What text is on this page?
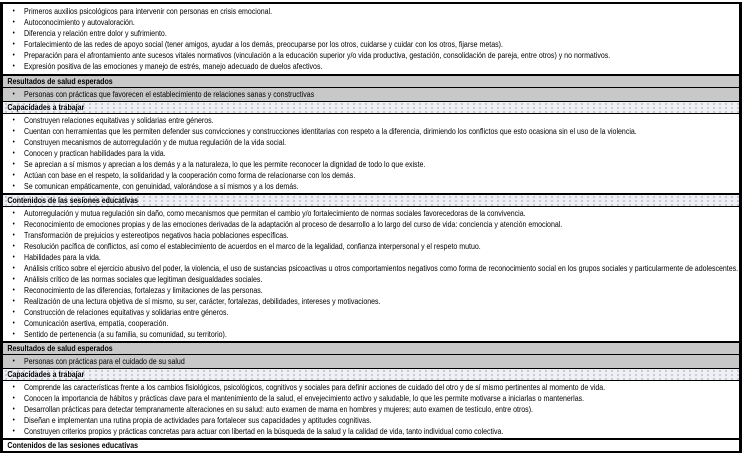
• Primeros auxilios psicológicos para intervenir con personas en crisis emocional.
• Autoconocimiento y autovaloración.
• Diferencia y relación entre dolor y sufrimiento.
• Fortalecimiento de las redes de apoyo social (tener amigos, ayudar a los demás, preocuparse por los otros, cuidarse y cuidar con los otros, fijarse metas).
• Preparación para el afrontamiento ante sucesos vitales normativos (vinculación a la educación superior y/o vida productiva, gestación, consolidación de pareja, entre otros) y no normativos.
• Expresión positiva de las emociones y manejo de estrés, manejo adecuado de duelos afectivos.
Resultados de salud esperados
• Personas con prácticas que favorecen el establecimiento de relaciones sanas y constructivas
Capacidades a trabajar
• Construyen relaciones equitativas y solidarias entre géneros.
• Cuentan con herramientas que les permiten defender sus convicciones y construcciones identitarias con respeto a la diferencia, dirimiendo los conflictos que esto ocasiona sin el uso de la violencia.
• Construyen mecanismos de autorregulación y de mutua regulación de la vida social.
• Conocen y practican habilidades para la vida.
• Se aprecian a sí mismos y aprecian a los demás y a la naturaleza, lo que les permite reconocer la dignidad de todo lo que existe.
• Actúan con base en el respeto, la solidaridad y la cooperación como forma de relacionarse con los demás.
• Se comunican empáticamente, con genuinidad, valorándose a sí mismos y a los demás.
Contenidos de las sesiones educativas
• Autorregulación y mutua regulación sin daño, como mecanismos que permitan el cambio y/o fortalecimiento de normas sociales favorecedoras de la convivencia.
• Reconocimiento de emociones propias y de las emociones derivadas de la adaptación al proceso de desarrollo a lo largo del curso de vida: conciencia y atención emocional.
• Transformación de prejuicios y estereotipos negativos hacia poblaciones específicas.
• Resolución pacífica de conflictos, así como el establecimiento de acuerdos en el marco de la legalidad, confianza interpersonal y el respeto mutuo.
• Habilidades para la vida.
• Análisis crítico sobre el ejercicio abusivo del poder, la violencia, el uso de sustancias psicoactivas u otros comportamientos negativos como forma de reconocimiento social en los grupos sociales y particularmente de adolescentes.
• Análisis crítico de las normas sociales que legitiman desigualdades sociales.
• Reconocimiento de las diferencias, fortalezas y limitaciones de las personas.
• Realización de una lectura objetiva de sí mismo, su ser, carácter, fortalezas, debilidades, intereses y motivaciones.
• Construcción de relaciones equitativas y solidarias entre géneros.
• Comunicación asertiva, empatía, cooperación.
• Sentido de pertenencia (a su familia, su comunidad, su territorio).
Resultados de salud esperados
• Personas con prácticas para el cuidado de su salud
Capacidades a trabajar
• Comprende las características frente a los cambios fisiológicos, psicológicos, cognitivos y sociales para definir acciones de cuidado del otro y de sí mismo pertinentes al momento de vida.
• Conocen la importancia de hábitos y prácticas clave para el mantenimiento de la salud, el envejecimiento activo y saludable, lo que les permite motivarse a iniciarlas o mantenerlas.
• Desarrollan prácticas para detectar tempranamente alteraciones en su salud: auto examen de mama en hombres y mujeres; auto examen de testículo, entre otros).
• Diseñan e implementan una rutina propia de actividades para fortalecer sus capacidades y aptitudes cognitivas.
• Construyen criterios propios y prácticas concretas para actuar con libertad en la búsqueda de la salud y la calidad de vida, tanto individual como colectiva.
Contenidos de las sesiones educativas
